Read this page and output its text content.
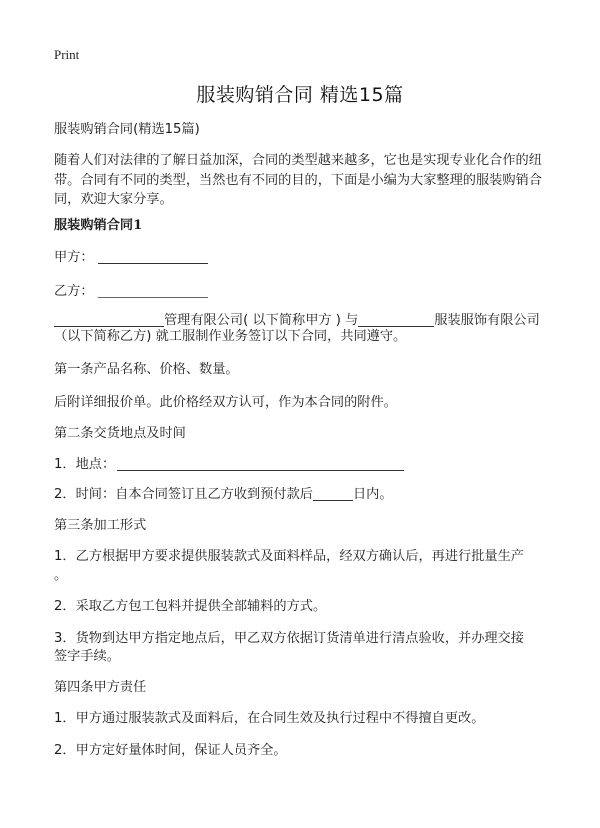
Print
服装购销合同 精选15篇
服装购销合同(精选15篇)
随着人们对法律的了解日益加深，合同的类型越来越多，它也是实现专业化合作的纽带。合同有不同的类型，当然也有不同的目的，下面是小编为大家整理的服装购销合同，欢迎大家分享。
服装购销合同1
甲方：
乙方：
管理有限公司( 以下简称甲方 ) 与	服装服饰有限公司
（以下简称乙方) 就工服制作业务签订以下合同，共同遵守。
第一条产品名称、价格、数量。
后附详细报价单。此价格经双方认可，作为本合同的附件。
第二条交货地点及时间
1．地点：
2．时间：自本合同签订且乙方收到预付款后	日内。
第三条加工形式
1．乙方根据甲方要求提供服装款式及面料样品，经双方确认后，再进行批量生产
。
2．采取乙方包工包料并提供全部辅料的方式。
3．货物到达甲方指定地点后，甲乙双方依据订货清单进行清点验收，并办理交接
签字手续。
第四条甲方责任
1．甲方通过服装款式及面料后，在合同生效及执行过程中不得擅自更改。
2．甲方定好量体时间，保证人员齐全。
